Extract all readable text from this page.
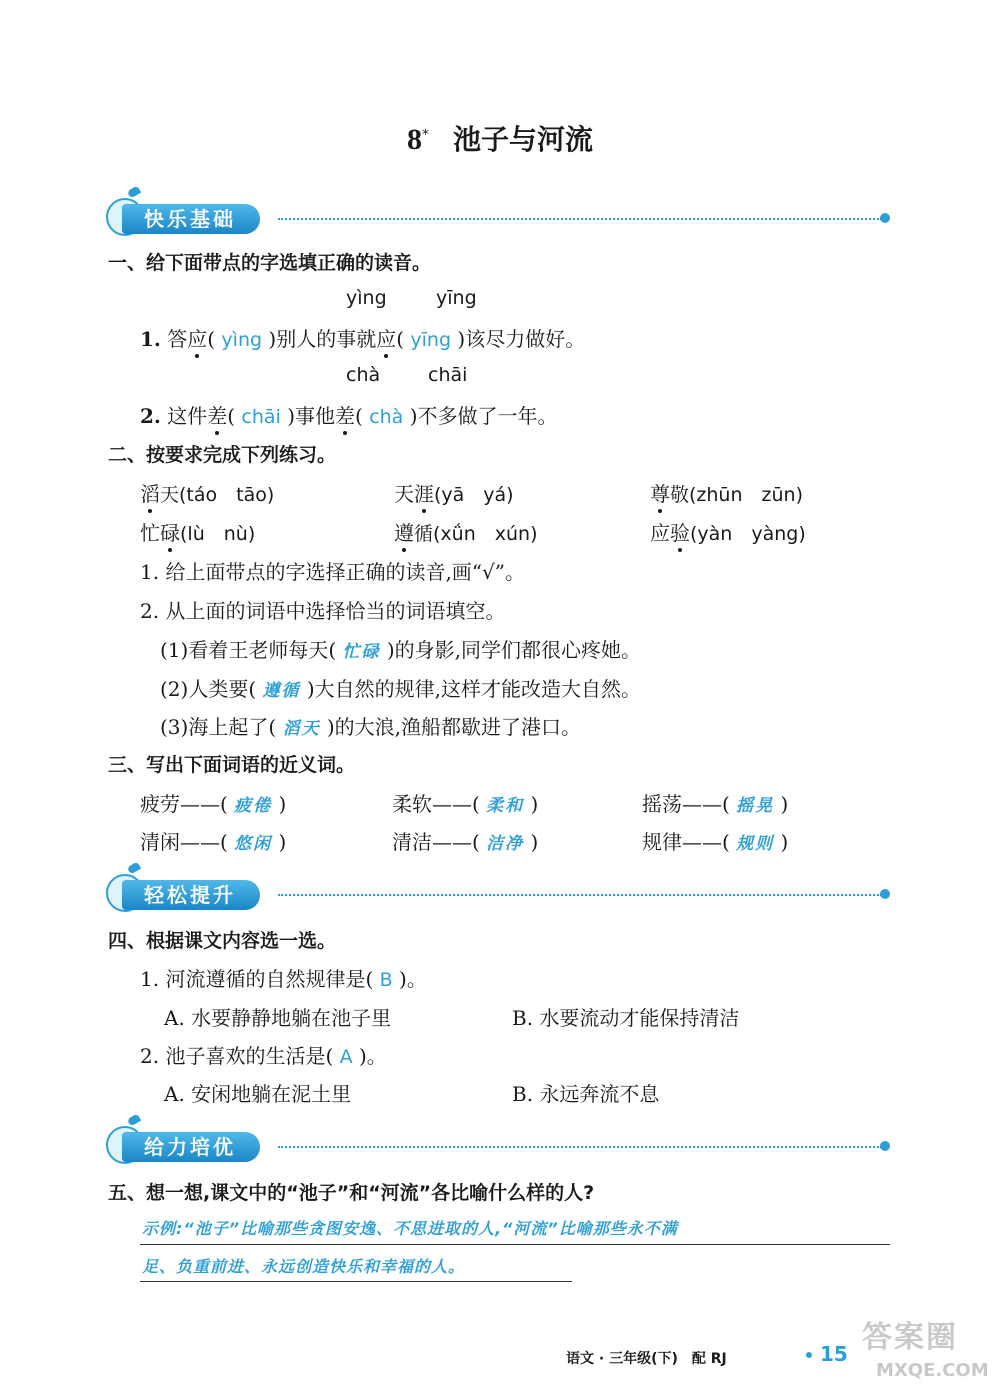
8* 池子与河流
快乐基础
一、给下面带点的字选填正确的读音。
yìng	yīng
1. 答应( yìng )别人的事就应( yīng )该尽力做好。
chà	chāi
2. 这件差( chāi )事他差( chà )不多做了一年。
二、按要求完成下列练习。
滔天(táo　tāo)	天涯(yā　yá)	尊敬(zhūn　zūn)
忙碌(lù　nù)	遵循(xǘn　xún)	应验(yàn　yàng)
1. 给上面带点的字选择正确的读音,画“√”。
2. 从上面的词语中选择恰当的词语填空。
(1)看着王老师每天( 忙碌 )的身影,同学们都很心疼她。
(2)人类要( 遵循 )大自然的规律,这样才能改造大自然。
(3)海上起了( 滔天 )的大浪,渔船都歇进了港口。
三、写出下面词语的近义词。
疲劳——( 疲倦 )	柔软——( 柔和 )	摇荡——( 摇晃 )
清闲——( 悠闲 )	清洁——( 洁净 )	规律——( 规则 )
轻松提升
四、根据课文内容选一选。
1. 河流遵循的自然规律是( B )。
A. 水要静静地躺在池子里	B. 水要流动才能保持清洁
2. 池子喜欢的生活是( A )。
A. 安闲地躺在泥土里	B. 永远奔流不息
给力培优
五、想一想,课文中的“池子”和“河流”各比喻什么样的人?
示例:“池子”比喻那些贪图安逸、不思进取的人,“河流”比喻那些永不满
足、负重前进、永远创造快乐和幸福的人。
语文 · 三年级(下)　配 RJ	15 答案圈
MXQE.COM
